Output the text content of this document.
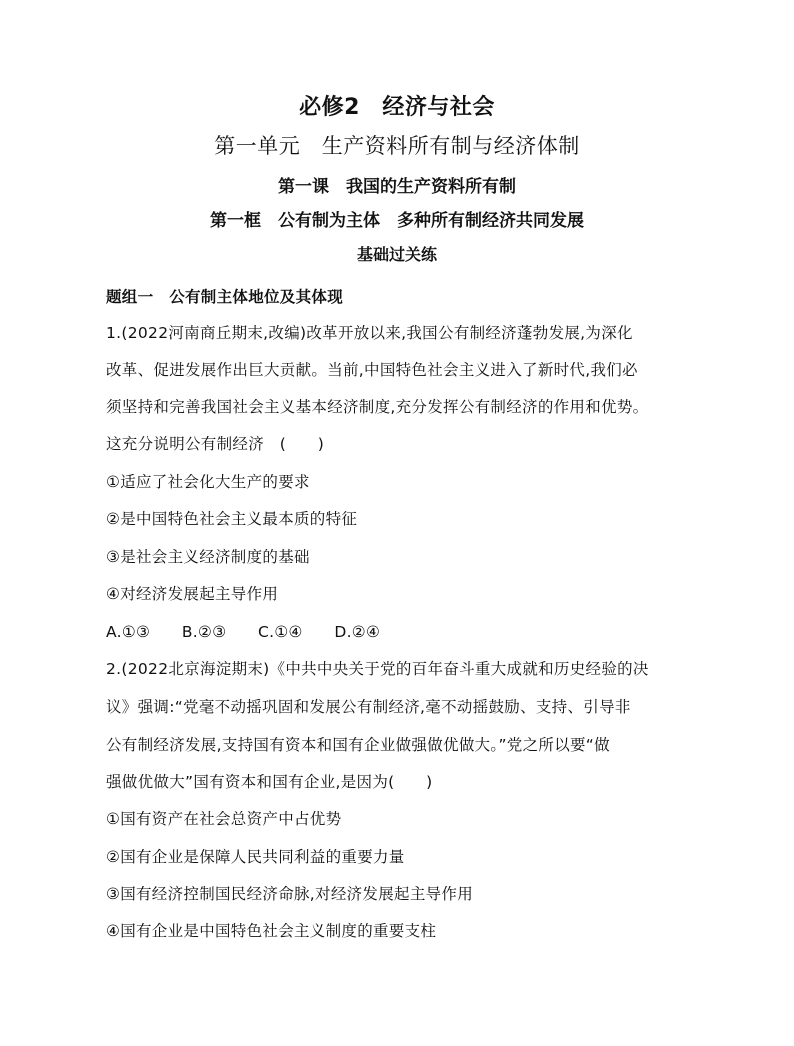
必修2　经济与社会
第一单元　生产资料所有制与经济体制
第一课　我国的生产资料所有制
第一框　公有制为主体　多种所有制经济共同发展
基础过关练
题组一　公有制主体地位及其体现
1.(2022河南商丘期末,改编)改革开放以来,我国公有制经济蓬勃发展,为深化
改革、促进发展作出巨大贡献。当前,中国特色社会主义进入了新时代,我们必
须坚持和完善我国社会主义基本经济制度,充分发挥公有制经济的作用和优势。
这充分说明公有制经济　(　　)
①适应了社会化大生产的要求
②是中国特色社会主义最本质的特征
③是社会主义经济制度的基础
④对经济发展起主导作用
A.①③　　B.②③　　C.①④　　D.②④
2.(2022北京海淀期末)《中共中央关于党的百年奋斗重大成就和历史经验的决
议》强调:“党毫不动摇巩固和发展公有制经济,毫不动摇鼓励、支持、引导非
公有制经济发展,支持国有资本和国有企业做强做优做大。”党之所以要“做
强做优做大”国有资本和国有企业,是因为(　　)
①国有资产在社会总资产中占优势
②国有企业是保障人民共同利益的重要力量
③国有经济控制国民经济命脉,对经济发展起主导作用
④国有企业是中国特色社会主义制度的重要支柱
